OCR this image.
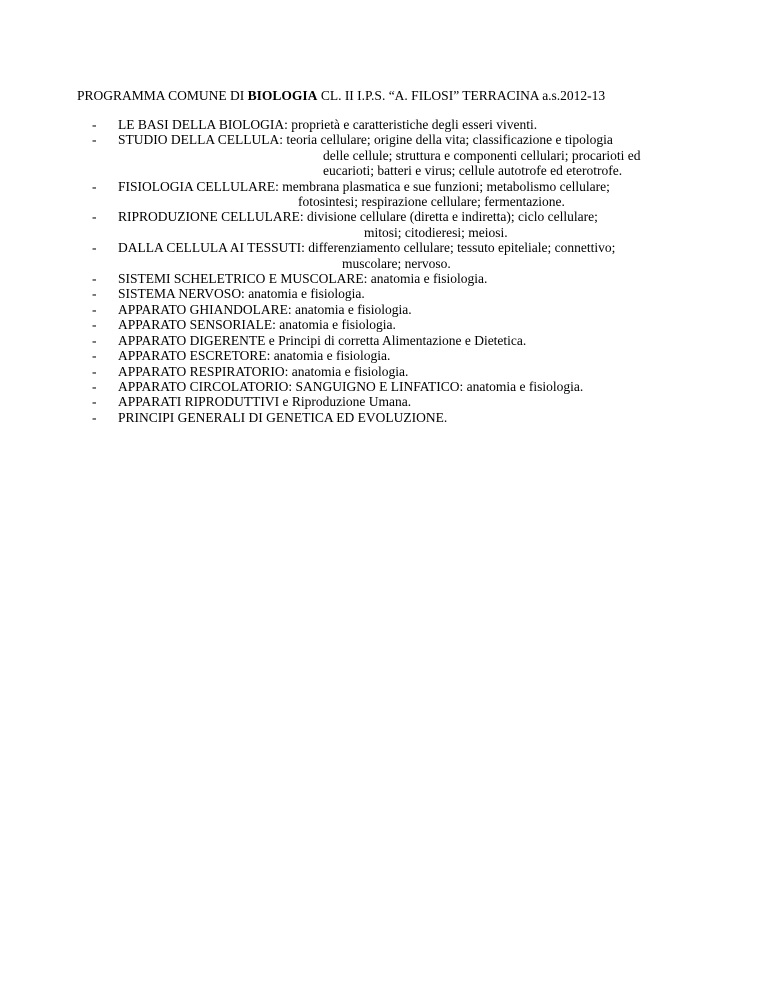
PROGRAMMA COMUNE DI BIOLOGIA CL. II I.P.S. “A. FILOSI” TERRACINA a.s.2012-13

- LE BASI DELLA BIOLOGIA: proprietà e caratteristiche degli esseri viventi.
- STUDIO DELLA CELLULA: teoria cellulare; origine della vita; classificazione e tipologia
delle cellule; struttura e componenti cellulari; procarioti ed
eucarioti; batteri e virus; cellule autotrofe ed eterotrofe.
- FISIOLOGIA CELLULARE: membrana plasmatica e sue funzioni; metabolismo cellulare;
fotosintesi; respirazione cellulare; fermentazione.
- RIPRODUZIONE CELLULARE: divisione cellulare (diretta e indiretta); ciclo cellulare;
mitosi; citodieresi; meiosi.
- DALLA CELLULA AI TESSUTI: differenziamento cellulare; tessuto epiteliale; connettivo;
muscolare; nervoso.
- SISTEMI SCHELETRICO E MUSCOLARE: anatomia e fisiologia.
- SISTEMA NERVOSO: anatomia e fisiologia.
- APPARATO GHIANDOLARE: anatomia e fisiologia.
- APPARATO SENSORIALE: anatomia e fisiologia.
- APPARATO DIGERENTE e Principi di corretta Alimentazione e Dietetica.
- APPARATO ESCRETORE: anatomia e fisiologia.
- APPARATO RESPIRATORIO: anatomia e fisiologia.
- APPARATO CIRCOLATORIO: SANGUIGNO E LINFATICO: anatomia e fisiologia.
- APPARATI RIPRODUTTIVI e Riproduzione Umana.
- PRINCIPI GENERALI DI GENETICA ED EVOLUZIONE.
